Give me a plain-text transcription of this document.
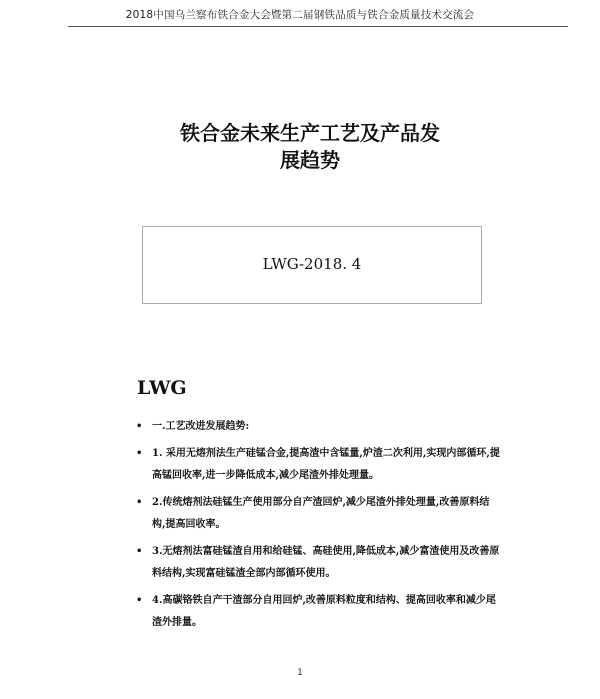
2018中国乌兰察布铁合金大会暨第二届钢铁品质与铁合金质量技术交流会
铁合金未来生产工艺及产品发
展趋势
LWG-2018. 4
LWG
• 一.工艺改进发展趋势:
• 1. 采用无熔剂法生产硅锰合金,提高渣中含锰量,炉渣二次利用,实现内部循环,提高锰回收率,进一步降低成本,减少尾渣外排处理量。
• 2.传统熔剂法硅锰生产使用部分自产渣回炉,减少尾渣外排处理量,改善原料结构,提高回收率。
• 3.无熔剂法富硅锰渣自用和给硅锰、高硅使用,降低成本,减少富渣使用及改善原料结构,实现富硅锰渣全部内部循环使用。
• 4.高碳铬铁自产干渣部分自用回炉,改善原料粒度和结构、提高回收率和减少尾渣外排量。
1
